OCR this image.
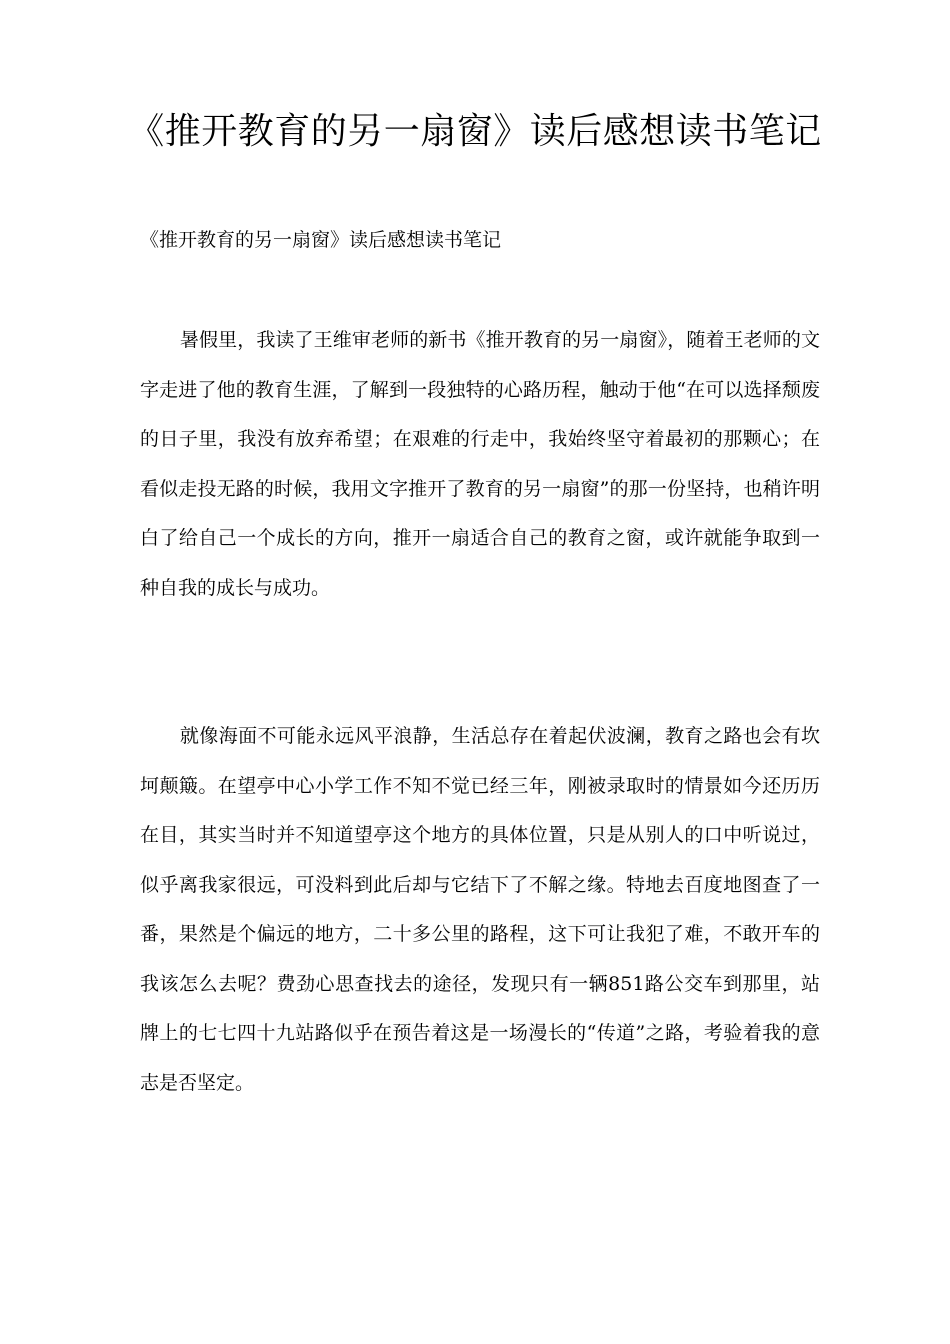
《推开教育的另一扇窗》读后感想读书笔记

《推开教育的另一扇窗》读后感想读书笔记

暑假里，我读了王维审老师的新书《推开教育的另一扇窗》，随着王老师的文字走进了他的教育生涯，了解到一段独特的心路历程，触动于他“在可以选择颓废的日子里，我没有放弃希望；在艰难的行走中，我始终坚守着最初的那颗心；在看似走投无路的时候，我用文字推开了教育的另一扇窗”的那一份坚持，也稍许明白了给自己一个成长的方向，推开一扇适合自己的教育之窗，或许就能争取到一种自我的成长与成功。

就像海面不可能永远风平浪静，生活总存在着起伏波澜，教育之路也会有坎坷颠簸。在望亭中心小学工作不知不觉已经三年，刚被录取时的情景如今还历历在目，其实当时并不知道望亭这个地方的具体位置，只是从别人的口中听说过，似乎离我家很远，可没料到此后却与它结下了不解之缘。特地去百度地图查了一番，果然是个偏远的地方，二十多公里的路程，这下可让我犯了难，不敢开车的我该怎么去呢？费劲心思查找去的途径，发现只有一辆851路公交车到那里，站牌上的七七四十九站路似乎在预告着这是一场漫长的“传道”之路，考验着我的意志是否坚定。
